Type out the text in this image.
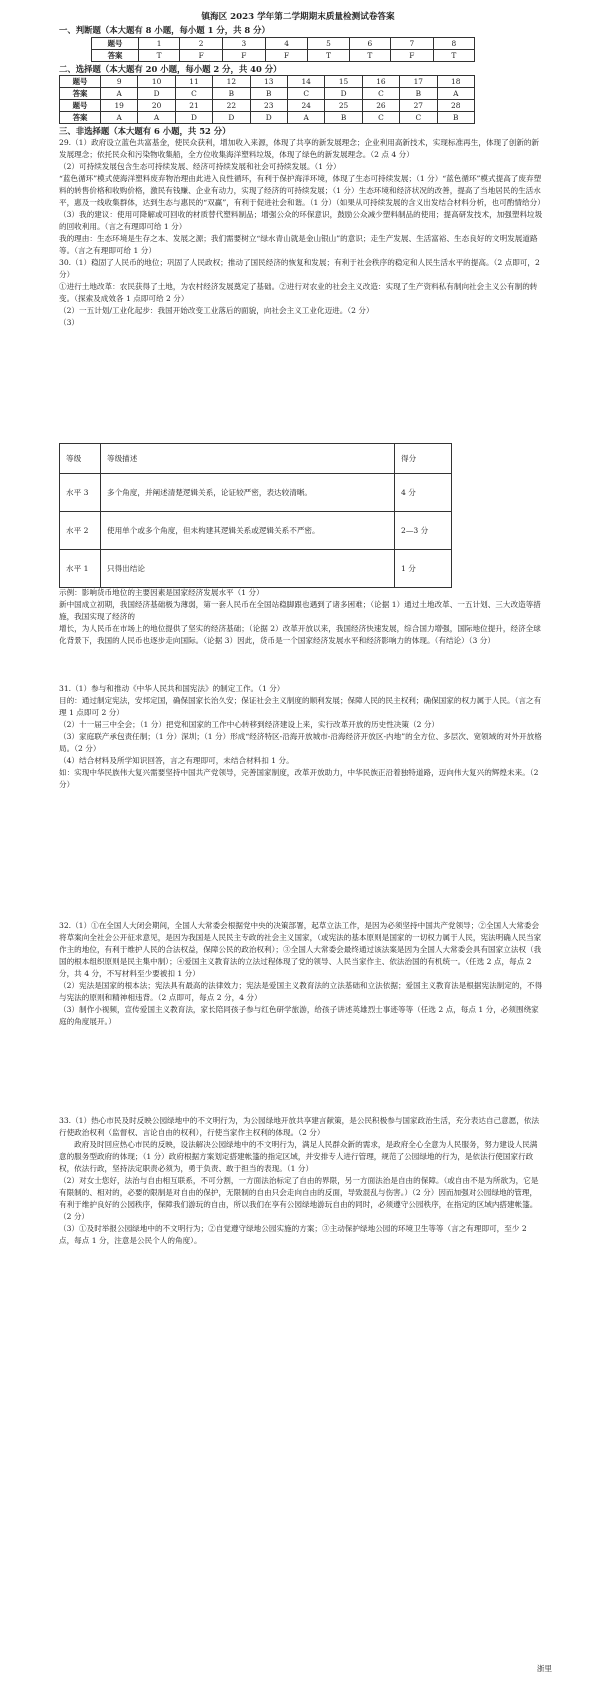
镇海区 2023 学年第二学期期末质量检测试卷答案
一、判断题（本大题有 8 小题，每小题 1 分，共 8 分）
题号	1	2	3	4	5	6	7	8
答案	T	F	F	F	T	T	F	T
二、选择题（本大题有 20 小题，每小题 2 分，共 40 分）
题号	9	10	11	12	13	14	15	16	17	18
答案	A	D	C	B	B	C	D	C	B	A
题号	19	20	21	22	23	24	25	26	27	28
答案	A	A	D	D	D	A	B	C	C	B
三、非选择题（本大题有 6 小题，共 52 分）

29.（1）政府设立蓝色共富基金，使民众获利，增加收入来源，体现了共享的新发展理念；企业利用高新技术，实现标准再生，体现了创新的新发展理念；依托民众和污染物收集船，全方位收集海洋塑料垃圾，体现了绿色的新发展理念。（2 点 4 分）

（2）可持续发展包含生态可持续发展、经济可持续发展和社会可持续发展。（1 分）

“蓝色循环”模式使海洋塑料废弃物治理由此进入良性循环，有利于保护海洋环境，体现了生态可持续发展；（1 分）“蓝色循环”模式提高了废弃塑料的转售价格和收购价格，激民有钱赚、企业有动力，实现了经济的可持续发展；（1 分）生态环境和经济状况的改善，提高了当地居民的生活水平，惠及一线收集群体，达到生态与惠民的“双赢”，有利于促进社会和谐。（1 分）（如果从可持续发展的含义出发结合材料分析，也可酌情给分）

（3）我的建议：使用可降解或可回收的材质替代塑料制品；增强公众的环保意识，鼓励公众减少塑料制品的使用；提高研发技术，加强塑料垃圾的回收利用。（言之有理即可给 1 分）

我的理由：生态环境是生存之本、发展之源；我们需要树立“绿水青山就是金山银山”的意识；走生产发展、生活富裕、生态良好的文明发展道路等。（言之有理即可给 1 分）

30.（1）稳固了人民币的地位；巩固了人民政权；推动了国民经济的恢复和发展；有利于社会秩序的稳定和人民生活水平的提高。（2 点即可，2 分）

①进行土地改革：农民获得了土地，为农村经济发展奠定了基础。②进行对农业的社会主义改造：实现了生产资料私有制向社会主义公有制的转变。（探索及成效各 1 点即可给 2 分）

（2）一五计划/工业化起步：我国开始改变工业落后的面貌，向社会主义工业化迈进。（2 分）

（3）

等级	等级描述	得分
水平 3	多个角度，并阐述清楚逻辑关系，论证较严密，表达较清晰。	4 分
水平 2	使用单个或多个角度，但未构建其逻辑关系或逻辑关系不严密。	2—3 分
水平 1	只得出结论	1 分

示例：影响货币地位的主要因素是国家经济发展水平（1 分）

新中国成立初期，我国经济基础极为薄弱，第一套人民币在全国站稳脚跟也遇到了诸多困难；（论据 1）通过土地改革、一五计划、三大改造等措施，我国实现了经济的

增长，为人民币在市场上的地位提供了坚实的经济基础；（论据 2）改革开放以来，我国经济快速发展，综合国力增强，国际地位提升，经济全球化背景下，我国的人民币也逐步走向国际。（论据 3）因此，货币是一个国家经济发展水平和经济影响力的体现。（有结论）（3 分）

31.（1）参与和推动《中华人民共和国宪法》的制定工作。（1 分）

目的：通过制定宪法，安邦定国，确保国家长治久安；保证社会主义制度的顺利发展；保障人民的民主权利；确保国家的权力属于人民。（言之有理 1 点即可 2 分）

（2）十一届三中全会；（1 分）把党和国家的工作中心转移到经济建设上来，实行改革开放的历史性决策（2 分）

（3）家庭联产承包责任制；（1 分）深圳；（1 分）形成“经济特区-沿海开放城市-沿海经济开放区-内地”的全方位、多层次、宽领域的对外开放格局。（2 分）

（4）结合材料及所学知识回答，言之有理即可，未结合材料扣 1 分。

如：实现中华民族伟大复兴需要坚持中国共产党领导，完善国家制度，改革开放助力，中华民族正沿着独特道路，迈向伟大复兴的辉煌未来。（2 分）

32.（1）①在全国人大闭会期间，全国人大常委会根据党中央的决策部署，起草立法工作，是因为必须坚持中国共产党领导；②全国人大常委会将草案向全社会公开征求意见，是因为我国是人民民主专政的社会主义国家，（或宪法的基本原则是国家的一切权力属于人民，宪法明确人民当家作主的地位，有利于维护人民的合法权益，保障公民的政治权利）；③全国人大常委会最终通过该法案是因为全国人大常委会具有国家立法权（我国的根本组织原则是民主集中制）；④爱国主义教育法的立法过程体现了党的领导、人民当家作主、依法治国的有机统一。（任选 2 点，每点 2 分，共 4 分，不写材料至少要被扣 1 分）

（2）宪法是国家的根本法；宪法具有最高的法律效力；宪法是爱国主义教育法的立法基础和立法依据；爱国主义教育法是根据宪法制定的，不得与宪法的原则和精神相违背。（2 点即可，每点 2 分，4 分）

（3）制作小视频，宣传爱国主义教育法，家长陪同孩子参与红色研学旅游，给孩子讲述英雄烈士事迹等等（任选 2 点，每点 1 分，必须围绕家庭的角度展开。）

33.（1）热心市民及时反映公园绿地中的不文明行为，为公园绿地开放共享建言献策，是公民积极参与国家政治生活，充分表达自己意愿，依法行使政治权利（监督权、言论自由的权利），行使当家作主权利的体现。（2 分）

　　政府及时回应热心市民的反映，设法解决公园绿地中的不文明行为，满足人民群众新的需求，是政府全心全意为人民服务，努力建设人民满意的服务型政府的体现；（1 分）政府根据方案划定搭建帐篷的指定区域，并安排专人进行管理，规范了公园绿地的行为，是依法行使国家行政权，依法行政，坚持法定职责必须为，勇于负责、敢于担当的表现。（1 分）

（2）对女士您好，法治与自由相互联系，不可分割，一方面法治标定了自由的界限，另一方面法治是自由的保障。（或自由不是为所欲为，它是有限制的、相对的，必要的限制是对自由的保护，无限制的自由只会走向自由的反面，导致混乱与伤害。）（2 分）因而加强对公园绿地的管理，有利于维护良好的公园秩序，保障我们游玩的自由，所以我们在享有公园绿地游玩自由的同时，必须遵守公园秩序，在指定的区域内搭建帐篷。（2 分）

（3）①及时举报公园绿地中的不文明行为；②自觉遵守绿地公园实施的方案；③主动保护绿地公园的环境卫生等等（言之有理即可，至少 2 点，每点 1 分，注意是公民个人的角度）。

浙里
